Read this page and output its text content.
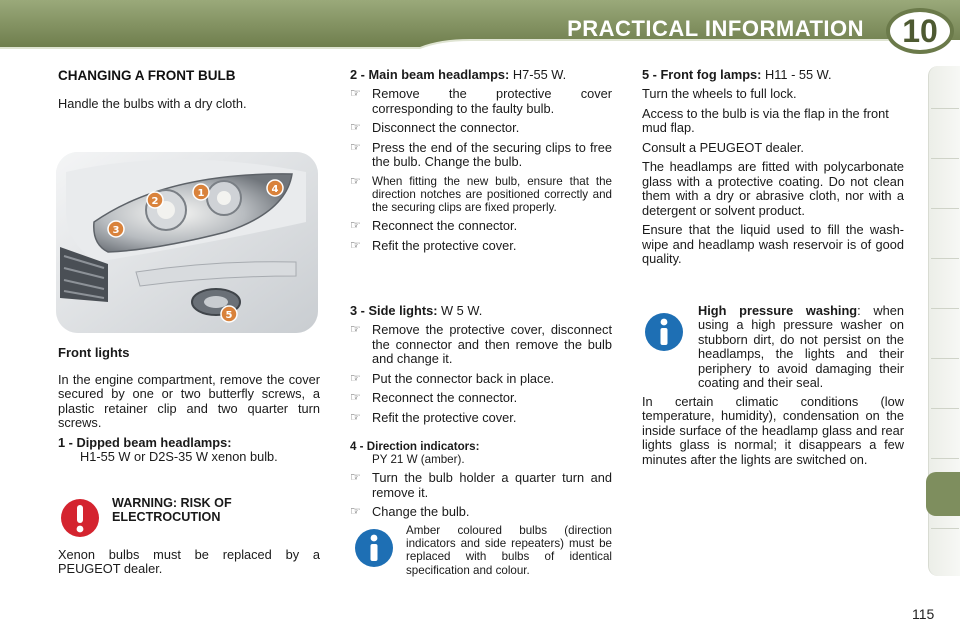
PRACTICAL INFORMATION 10
CHANGING A FRONT BULB
Handle the bulbs with a dry cloth.
1
2
3
4
5
Front lights
In the engine compartment, remove the cover secured by one or two butterfly screws, a plastic retainer clip and two quarter turn screws.
1 - Dipped beam headlamps:
H1-55 W or D2S-35 W xenon bulb.
WARNING: RISK OF ELECTROCUTION
Xenon bulbs must be replaced by a PEUGEOT dealer.
2 - Main beam headlamps: H7-55 W.
☞ Remove the protective cover corresponding to the faulty bulb.
☞ Disconnect the connector.
☞ Press the end of the securing clips to free the bulb. Change the bulb.
☞ When fitting the new bulb, ensure that the direction notches are positioned correctly and the securing clips are fixed properly.
☞ Reconnect the connector.
☞ Refit the protective cover.
3 - Side lights: W 5 W.
☞ Remove the protective cover, disconnect the connector and then remove the bulb and change it.
☞ Put the connector back in place.
☞ Reconnect the connector.
☞ Refit the protective cover.
4 - Direction indicators:
PY 21 W (amber).
☞ Turn the bulb holder a quarter turn and remove it.
☞ Change the bulb.
Amber coloured bulbs (direction indicators and side repeaters) must be replaced with bulbs of identical specification and colour.
5 - Front fog lamps: H11 - 55 W.
Turn the wheels to full lock.
Access to the bulb is via the flap in the front mud flap.
Consult a PEUGEOT dealer.
The headlamps are fitted with polycarbonate glass with a protective coating. Do not clean them with a dry or abrasive cloth, nor with a detergent or solvent product.
Ensure that the liquid used to fill the wash-wipe and headlamp wash reservoir is of good quality.
High pressure washing: when using a high pressure washer on stubborn dirt, do not persist on the headlamps, the lights and their periphery to avoid damaging their coating and their seal.
In certain climatic conditions (low temperature, humidity), condensation on the inside surface of the headlamp glass and rear lights glass is normal; it disappears a few minutes after the lights are switched on.
115
